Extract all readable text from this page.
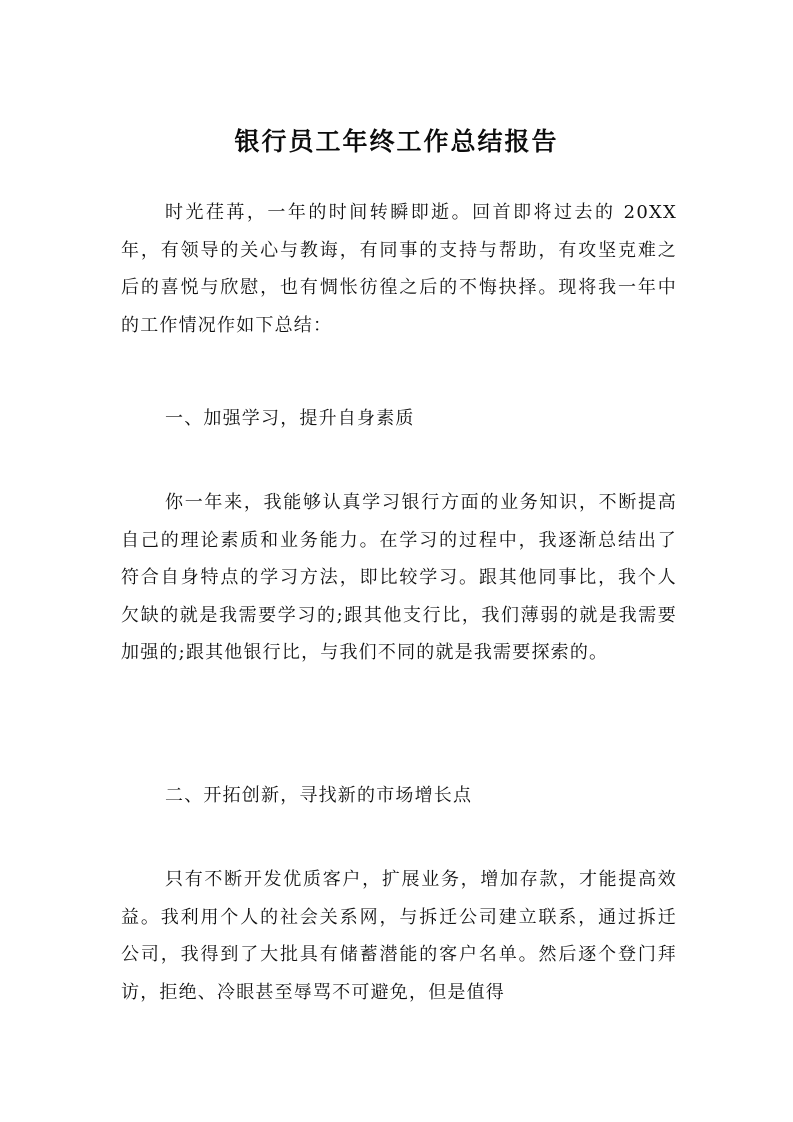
银行员工年终工作总结报告

时光荏苒，一年的时间转瞬即逝。回首即将过去的 20XX 年，有领导的关心与教诲，有同事的支持与帮助，有攻坚克难之后的喜悦与欣慰，也有惆怅彷徨之后的不悔抉择。现将我一年中的工作情况作如下总结：

一、加强学习，提升自身素质

你一年来，我能够认真学习银行方面的业务知识，不断提高自己的理论素质和业务能力。在学习的过程中，我逐渐总结出了符合自身特点的学习方法，即比较学习。跟其他同事比，我个人欠缺的就是我需要学习的;跟其他支行比，我们薄弱的就是我需要加强的;跟其他银行比，与我们不同的就是我需要探索的。

二、开拓创新，寻找新的市场增长点

只有不断开发优质客户，扩展业务，增加存款，才能提高效益。我利用个人的社会关系网，与拆迁公司建立联系，通过拆迁公司，我得到了大批具有储蓄潜能的客户名单。然后逐个登门拜访，拒绝、冷眼甚至辱骂不可避免，但是值得
